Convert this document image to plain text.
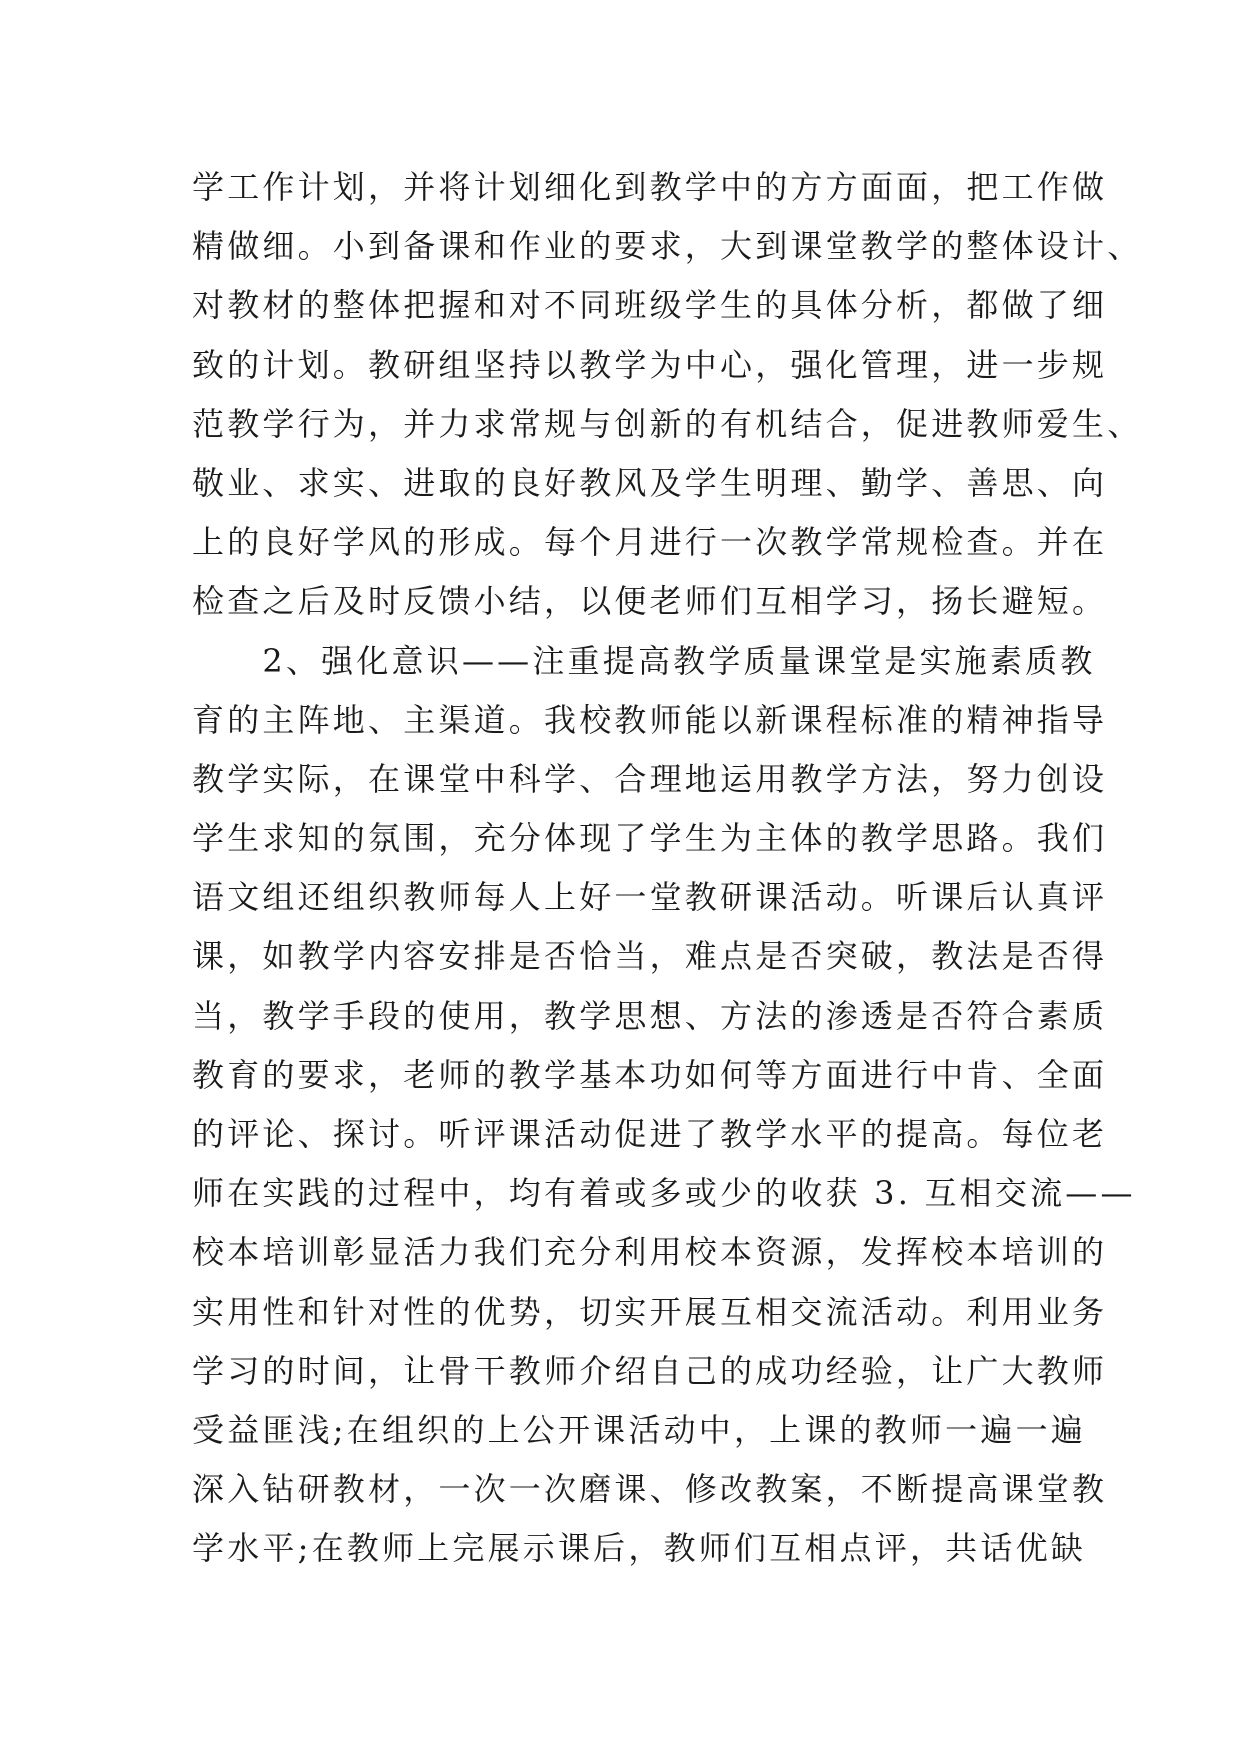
学工作计划，并将计划细化到教学中的方方面面，把工作做
精做细。小到备课和作业的要求，大到课堂教学的整体设计、
对教材的整体把握和对不同班级学生的具体分析，都做了细
致的计划。教研组坚持以教学为中心，强化管理，进一步规
范教学行为，并力求常规与创新的有机结合，促进教师爱生、
敬业、求实、进取的良好教风及学生明理、勤学、善思、向
上的良好学风的形成。每个月进行一次教学常规检查。并在
检查之后及时反馈小结，以便老师们互相学习，扬长避短。
　　2、强化意识——注重提高教学质量课堂是实施素质教
育的主阵地、主渠道。我校教师能以新课程标准的精神指导
教学实际，在课堂中科学、合理地运用教学方法，努力创设
学生求知的氛围，充分体现了学生为主体的教学思路。我们
语文组还组织教师每人上好一堂教研课活动。听课后认真评
课，如教学内容安排是否恰当，难点是否突破，教法是否得
当，教学手段的使用，教学思想、方法的渗透是否符合素质
教育的要求，老师的教学基本功如何等方面进行中肯、全面
的评论、探讨。听评课活动促进了教学水平的提高。每位老
师在实践的过程中，均有着或多或少的收获 3. 互相交流——
校本培训彰显活力我们充分利用校本资源，发挥校本培训的
实用性和针对性的优势，切实开展互相交流活动。利用业务
学习的时间，让骨干教师介绍自己的成功经验，让广大教师
受益匪浅;在组织的上公开课活动中，上课的教师一遍一遍
深入钻研教材，一次一次磨课、修改教案，不断提高课堂教
学水平;在教师上完展示课后，教师们互相点评，共话优缺
